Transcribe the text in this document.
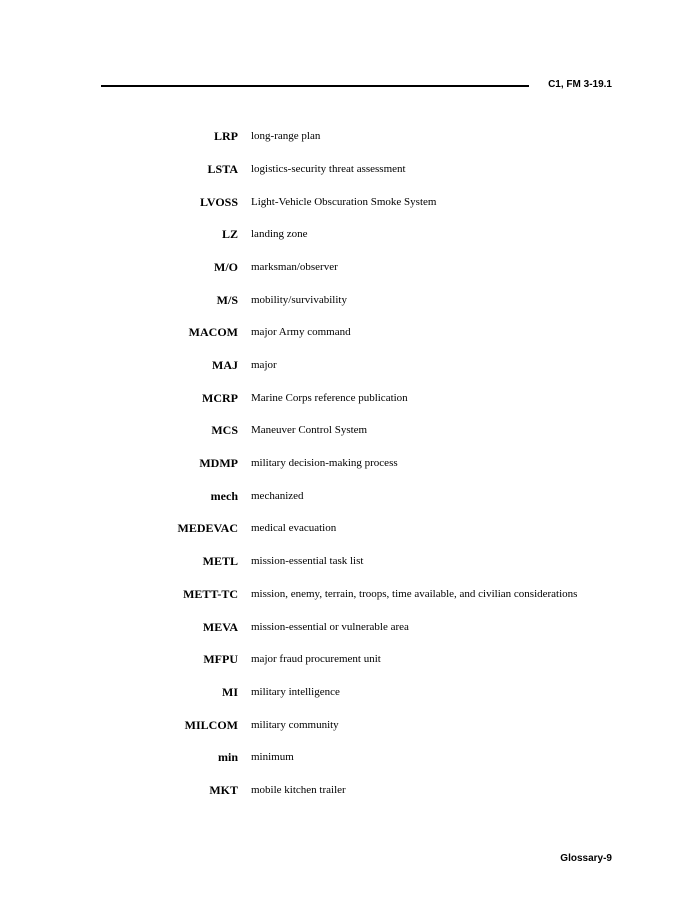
C1, FM 3-19.1
LRP long-range plan
LSTA logistics-security threat assessment
LVOSS Light-Vehicle Obscuration Smoke System
LZ landing zone
M/O marksman/observer
M/S mobility/survivability
MACOM major Army command
MAJ major
MCRP Marine Corps reference publication
MCS Maneuver Control System
MDMP military decision-making process
mech mechanized
MEDEVAC medical evacuation
METL mission-essential task list
METT-TC mission, enemy, terrain, troops, time available, and civilian considerations
MEVA mission-essential or vulnerable area
MFPU major fraud procurement unit
MI military intelligence
MILCOM military community
min minimum
MKT mobile kitchen trailer
Glossary-9
